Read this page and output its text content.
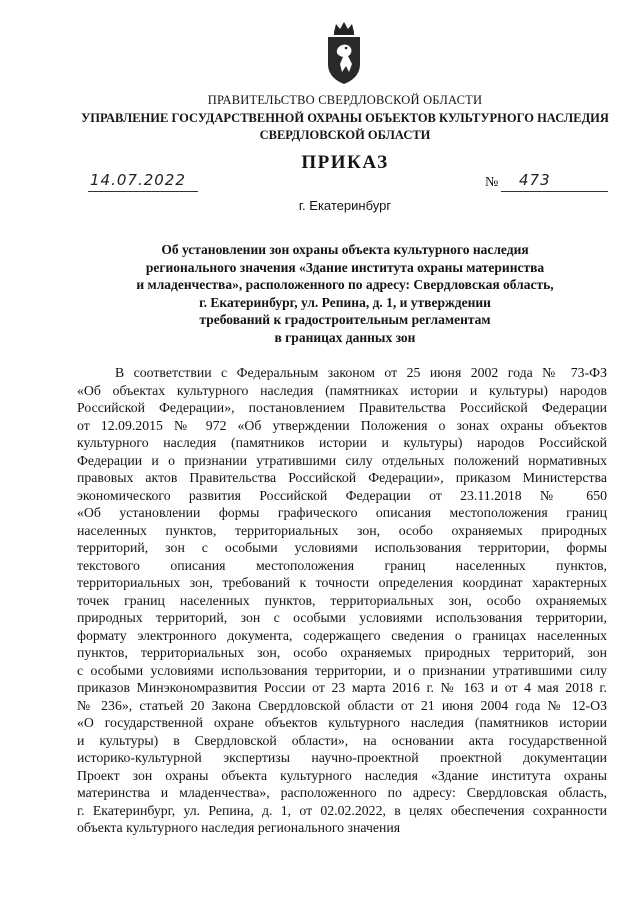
ПРАВИТЕЛЬСТВО СВЕРДЛОВСКОЙ ОБЛАСТИ
УПРАВЛЕНИЕ ГОСУДАРСТВЕННОЙ ОХРАНЫ ОБЪЕКТОВ КУЛЬТУРНОГО НАСЛЕДИЯ
СВЕРДЛОВСКОЙ ОБЛАСТИ
ПРИКАЗ
14.07.2022	№ 473
г. Екатеринбург
Об установлении зон охраны объекта культурного наследия
регионального значения «Здание института охраны материнства
и младенчества», расположенного по адресу: Свердловская область,
г. Екатеринбург, ул. Репина, д. 1, и утверждении
требований к градостроительным регламентам
в границах данных зон
В соответствии с Федеральным законом от 25 июня 2002 года № 73-ФЗ
«Об объектах культурного наследия (памятниках истории и культуры) народов
Российской Федерации», постановлением Правительства Российской Федерации
от 12.09.2015 № 972 «Об утверждении Положения о зонах охраны объектов
культурного наследия (памятников истории и культуры) народов Российской
Федерации и о признании утратившими силу отдельных положений нормативных
правовых актов Правительства Российской Федерации», приказом Министерства
экономического развития Российской Федерации от 23.11.2018 № 650
«Об установлении формы графического описания местоположения границ
населенных пунктов, территориальных зон, особо охраняемых природных
территорий, зон с особыми условиями использования территории, формы
текстового описания местоположения границ населенных пунктов,
территориальных зон, требований к точности определения координат характерных
точек границ населенных пунктов, территориальных зон, особо охраняемых
природных территорий, зон с особыми условиями использования территории,
формату электронного документа, содержащего сведения о границах населенных
пунктов, территориальных зон, особо охраняемых природных территорий, зон
с особыми условиями использования территории, и о признании утратившими силу
приказов Минэкономразвития России от 23 марта 2016 г. № 163 и от 4 мая 2018 г.
№ 236», статьей 20 Закона Свердловской области от 21 июня 2004 года № 12-ОЗ
«О государственной охране объектов культурного наследия (памятников истории
и культуры) в Свердловской области», на основании акта государственной
историко-культурной экспертизы научно-проектной проектной документации
Проект зон охраны объекта культурного наследия «Здание института охраны
материнства и младенчества», расположенного по адресу: Свердловская область,
г. Екатеринбург, ул. Репина, д. 1, от 02.02.2022, в целях обеспечения сохранности
объекта культурного наследия регионального значения
